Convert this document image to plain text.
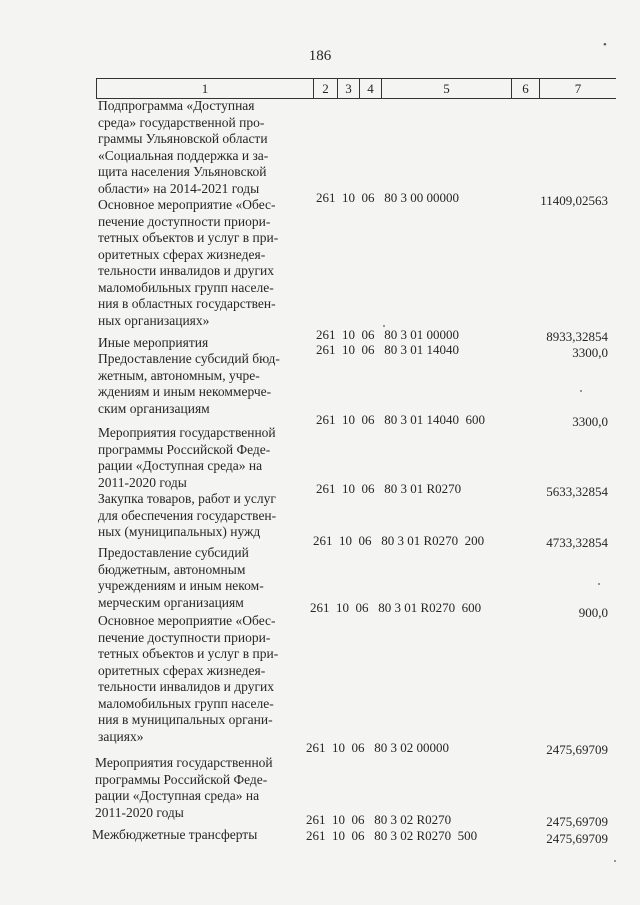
186
•
1	2	3	4	5	6	7
Подпрограмма «Доступная
среда» государственной про-
граммы Ульяновской области
«Социальная поддержка и за-
щита населения Ульяновской
области» на 2014-2021 годы
261  10  06   80 3 00 00000	11409,02563
Основное мероприятие «Обес-
печение доступности приори-
тетных объектов и услуг в при-
оритетных сферах жизнедея-
тельности инвалидов и других
маломобильных групп населе-
ния в областных государствен-
ных организациях»
261  10  06   80 3 01 00000	8933,32854
Иные мероприятия	261  10  06   80 3 01 14040	3300,0
Предоставление субсидий бюд-
жетным, автономным, учре-
ждениям и иным некоммерче-
ским организациям
261  10  06   80 3 01 14040  600	3300,0
Мероприятия государственной
программы Российской Феде-
рации «Доступная среда» на
2011-2020 годы	261  10  06   80 3 01 R0270	5633,32854
Закупка товаров, работ и услуг
для обеспечения государствен-
ных (муниципальных) нужд
261  10  06   80 3 01 R0270  200	4733,32854
Предоставление субсидий
бюджетным, автономным
учреждениям и иным неком-
мерческим организациям	261  10  06   80 3 01 R0270  600	900,0
Основное мероприятие «Обес-
печение доступности приори-
тетных объектов и услуг в при-
оритетных сферах жизнедея-
тельности инвалидов и других
маломобильных групп населе-
ния в муниципальных органи-
зациях»
261  10  06   80 3 02 00000	2475,69709
Мероприятия государственной
программы Российской Феде-
рации «Доступная среда» на
2011-2020 годы	261  10  06   80 3 02 R0270	2475,69709
Межбюджетные трансферты	261  10  06   80 3 02 R0270  500	2475,69709
